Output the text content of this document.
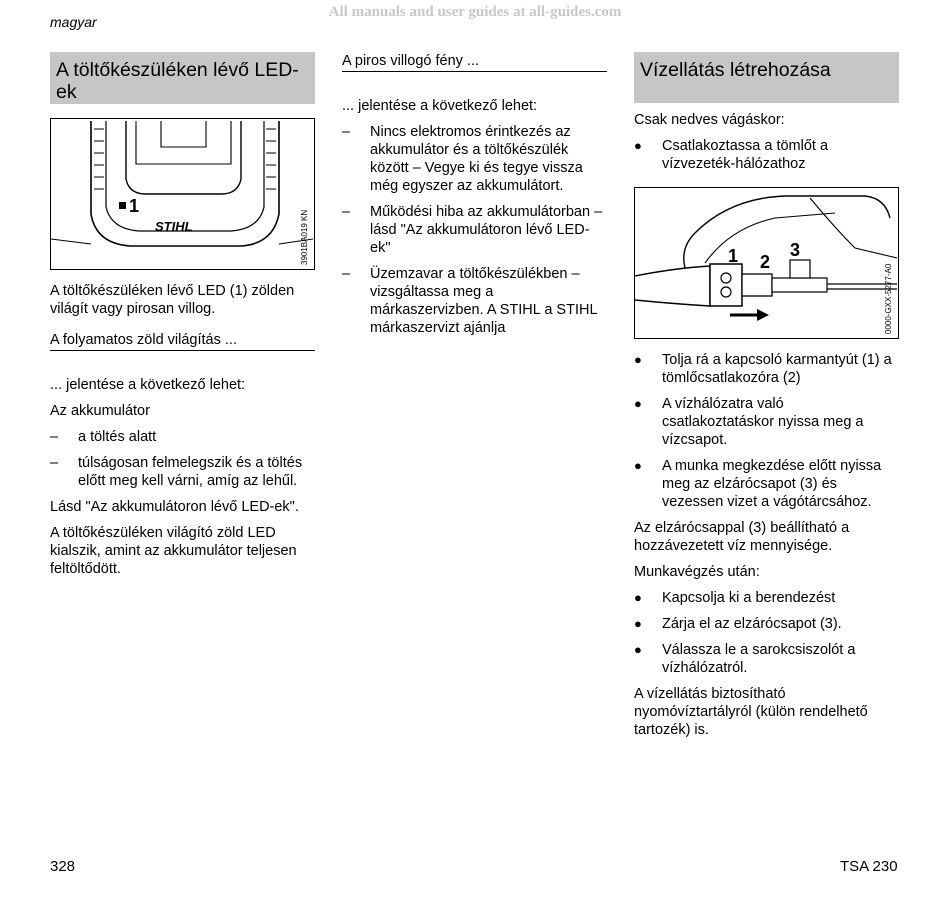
All manuals and user guides at all-guides.com
magyar
A töltőkészüléken lévő LED-ek
1
STIHL	3901BA019 KN

A töltőkészüléken lévő LED (1) zölden világít vagy pirosan villog.

A folyamatos zöld világítás ...

... jelentése a következő lehet:

Az akkumulátor

– a töltés alatt
– túlságosan felmelegszik és a töltés előtt meg kell várni, amíg az lehűl.

Lásd "Az akkumulátoron lévő LED-ek".

A töltőkészüléken világító zöld LED kialszik, amint az akkumulátor teljesen feltöltődött.

A piros villogó fény ...

... jelentése a következő lehet:

– Nincs elektromos érintkezés az akkumulátor és a töltőkészülék között – Vegye ki és tegye vissza még egyszer az akkumulátort.
– Működési hiba az akkumulátorban – lásd "Az akkumulátoron lévő LED-ek"
– Üzemzavar a töltőkészülékben – vizsgáltassa meg a márkaszervizben. A STIHL a STIHL márkaszervizt ajánlja
Vízellátás létrehozása

Csak nedves vágáskor:

● Csatlakoztassa a tömlőt a vízvezeték-hálózathoz
1 2
3
0000-GXX-5277-A0
● Tolja rá a kapcsoló karmantyút (1) a tömlőcsatlakozóra (2)
● A vízhálózatra való csatlakoztatáskor nyissa meg a vízcsapot.
● A munka megkezdése előtt nyissa meg az elzárócsapot (3) és vezessen vizet a vágótárcsához.

Az elzárócsappal (3) beállítható a hozzávezetett víz mennyisége.

Munkavégzés után:

● Kapcsolja ki a berendezést
● Zárja el az elzárócsapot (3).
● Válassza le a sarokcsiszolót a vízhálózatról.

A vízellátás biztosítható nyomóvíztartályról (külön rendelhető tartozék) is.

328	TSA 230
